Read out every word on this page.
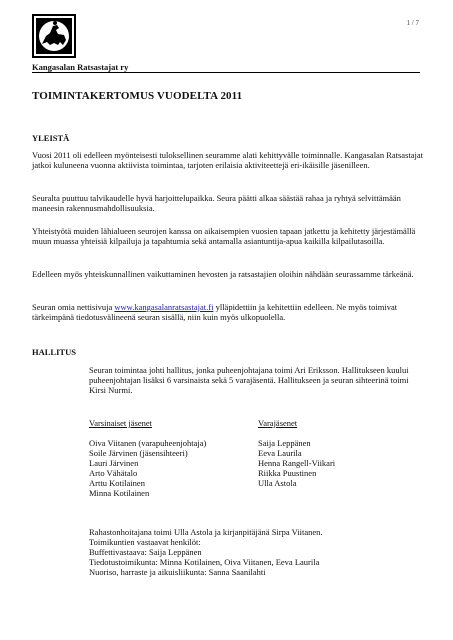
1 / 7
Kangasalan Ratsastajat ry
TOIMINTAKERTOMUS VUODELTA 2011
YLEISTÄ

Vuosi 2011 oli edelleen myönteisesti tuloksellinen seuramme alati kehittyvälle toiminnalle. Kangasalan Ratsastajat jatkoi kuluneena vuonna aktiivista toimintaa, tarjoten erilaisia aktiviteettejä eri-ikäisille jäsenilleen.

Seuralta puuttuu talvikaudelle hyvä harjoittelupaikka. Seura päätti alkaa säästää rahaa ja ryhtyä selvittämään maneesin rakennusmahdollisuuksia.

Yhteistyötä muiden lähialueen seurojen kanssa on aikaisempien vuosien tapaan jatkettu ja kehitetty järjestämällä muun muassa yhteisiä kilpailuja ja tapahtumia sekä antamalla asiantuntija-apua kaikilla kilpailutasoilla.

Edelleen myös yhteiskunnallinen vaikuttaminen hevosten ja ratsastajien oloihin nähdään seurassamme tärkeänä.

Seuran omia nettisivuja www.kangasalanratsastajat.fi ylläpidettiin ja kehitettiin edelleen. Ne myös toimivat tärkeimpänä tiedotusvälineenä seuran sisällä, niin kuin myös ulkopuolella.

HALLITUS

Seuran toimintaa johti hallitus, jonka puheenjohtajana toimi Ari Eriksson. Hallitukseen kuului puheenjohtajan lisäksi 6 varsinaista sekä 5 varajäsentä. Hallitukseen ja seuran sihteerinä toimi Kirsi Nurmi.

Varsinaiset jäsenet
Oiva Viitanen (varapuheenjohtaja)
Soile Järvinen (jäsensihteeri)
Lauri Järvinen
Arto Vähätalo
Arttu Kotilainen
Minna Kotilainen
Varajäsenet
Saija Leppänen
Eeva Laurila
Henna Rangell-Viikari
Riikka Puustinen
Ulla Astola
Rahastonhoitajana toimi Ulla Astola ja kirjanpitäjänä Sirpa Viitanen.
Toimikuntien vastaavat henkilöt:
Buffettivastaava: Saija Leppänen
Tiedotustoimikunta: Minna Kotilainen, Oiva Viitanen, Eeva Laurila
Nuoriso, harraste ja aikuisliikunta: Sanna Saanilahti
